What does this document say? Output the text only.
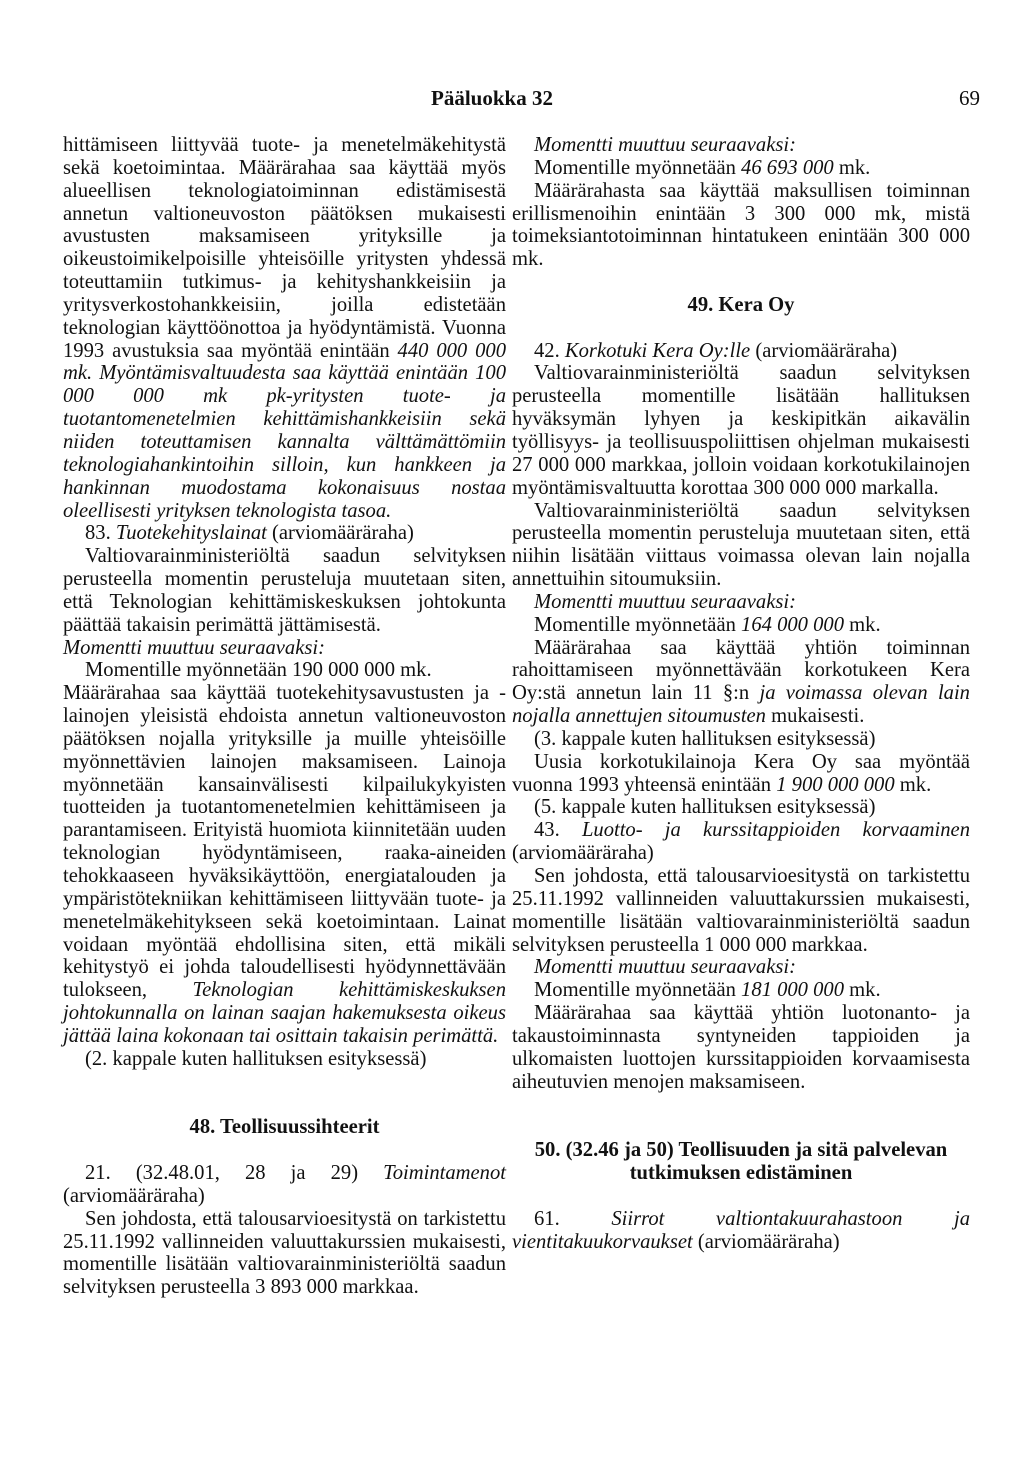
Pääluokka 32	69

hittämiseen liittyvää tuote- ja menetelmäkehitystä sekä koetoimintaa. Määrärahaa saa käyttää myös alueellisen teknologiatoiminnan edistämisestä annetun valtioneuvoston päätöksen mukaisesti avustusten maksamiseen yrityksille ja oikeustoimikelpoisille yhteisöille yritysten yhdessä toteuttamiin tutkimus- ja kehityshankkeisiin ja yritysverkostohankkeisiin, joilla edistetään teknologian käyttöönottoa ja hyödyntämistä. Vuonna 1993 avustuksia saa myöntää enintään 440 000 000 mk. Myöntämisvaltuudesta saa käyttää enintään 100 000 000 mk pk-yritysten tuote- ja tuotantomenetelmien kehittämishankkeisiin sekä niiden toteuttamisen kannalta välttämättömiin teknologiahankintoihin silloin, kun hankkeen ja hankinnan muodostama kokonaisuus nostaa oleellisesti yrityksen teknologista tasoa.

83. Tuotekehityslainat (arviomääräraha)

Valtiovarainministeriöltä saadun selvityksen perusteella momentin perusteluja muutetaan siten, että Teknologian kehittämiskeskuksen johtokunta päättää takaisin perimättä jättämisestä.

Momentti muuttuu seuraavaksi:

Momentille myönnetään 190 000 000 mk.

Määrärahaa saa käyttää tuotekehitysavustusten ja -lainojen yleisistä ehdoista annetun valtioneuvoston päätöksen nojalla yrityksille ja muille yhteisöille myönnettävien lainojen maksamiseen. Lainoja myönnetään kansainvälisesti kilpailukykyisten tuotteiden ja tuotantomenetelmien kehittämiseen ja parantamiseen. Erityistä huomiota kiinnitetään uuden teknologian hyödyntämiseen, raaka-aineiden tehokkaaseen hyväksikäyttöön, energiatalouden ja ympäristötekniikan kehittämiseen liittyvään tuote- ja menetelmäkehitykseen sekä koetoimintaan. Lainat voidaan myöntää ehdollisina siten, että mikäli kehitystyö ei johda taloudellisesti hyödynnettävään tulokseen, Teknologian kehittämiskeskuksen johtokunnalla on lainan saajan hakemuksesta oikeus jättää laina kokonaan tai osittain takaisin perimättä.

(2. kappale kuten hallituksen esityksessä)

48. Teollisuussihteerit

21. (32.48.01, 28 ja 29) Toimintamenot (arviomääräraha)

Sen johdosta, että talousarvioesitystä on tarkistettu 25.11.1992 vallinneiden valuuttakurssien mukaisesti, momentille lisätään valtiovarainministeriöltä saadun selvityksen perusteella 3 893 000 markkaa.

Momentti muuttuu seuraavaksi:

Momentille myönnetään 46 693 000 mk.

Määrärahasta saa käyttää maksullisen toiminnan erillismenoihin enintään 3 300 000 mk, mistä toimeksiantotoiminnan hintatukeen enintään 300 000 mk.

49. Kera Oy

42. Korkotuki Kera Oy:lle (arviomääräraha)

Valtiovarainministeriöltä saadun selvityksen perusteella momentille lisätään hallituksen hyväksymän lyhyen ja keskipitkän aikavälin työllisyys- ja teollisuuspoliittisen ohjelman mukaisesti 27 000 000 markkaa, jolloin voidaan korkotukilainojen myöntämisvaltuutta korottaa 300 000 000 markalla.

Valtiovarainministeriöltä saadun selvityksen perusteella momentin perusteluja muutetaan siten, että niihin lisätään viittaus voimassa olevan lain nojalla annettuihin sitoumuksiin.

Momentti muuttuu seuraavaksi:

Momentille myönnetään 164 000 000 mk.

Määrärahaa saa käyttää yhtiön toiminnan rahoittamiseen myönnettävään korkotukeen Kera Oy:stä annetun lain 11 §:n ja voimassa olevan lain nojalla annettujen sitoumusten mukaisesti.

(3. kappale kuten hallituksen esityksessä)

Uusia korkotukilainoja Kera Oy saa myöntää vuonna 1993 yhteensä enintään 1 900 000 000 mk.

(5. kappale kuten hallituksen esityksessä)

43. Luotto- ja kurssitappioiden korvaaminen (arviomääräraha)

Sen johdosta, että talousarvioesitystä on tarkistettu 25.11.1992 vallinneiden valuuttakurssien mukaisesti, momentille lisätään valtiovarainministeriöltä saadun selvityksen perusteella 1 000 000 markkaa.

Momentti muuttuu seuraavaksi:

Momentille myönnetään 181 000 000 mk.

Määrärahaa saa käyttää yhtiön luotonanto- ja takaustoiminnasta syntyneiden tappioiden ja ulkomaisten luottojen kurssitappioiden korvaamisesta aiheutuvien menojen maksamiseen.

50. (32.46 ja 50) Teollisuuden ja sitä palvelevan tutkimuksen edistäminen

61. Siirrot valtiontakuurahastoon ja vientitakuukorvaukset (arviomääräraha)
